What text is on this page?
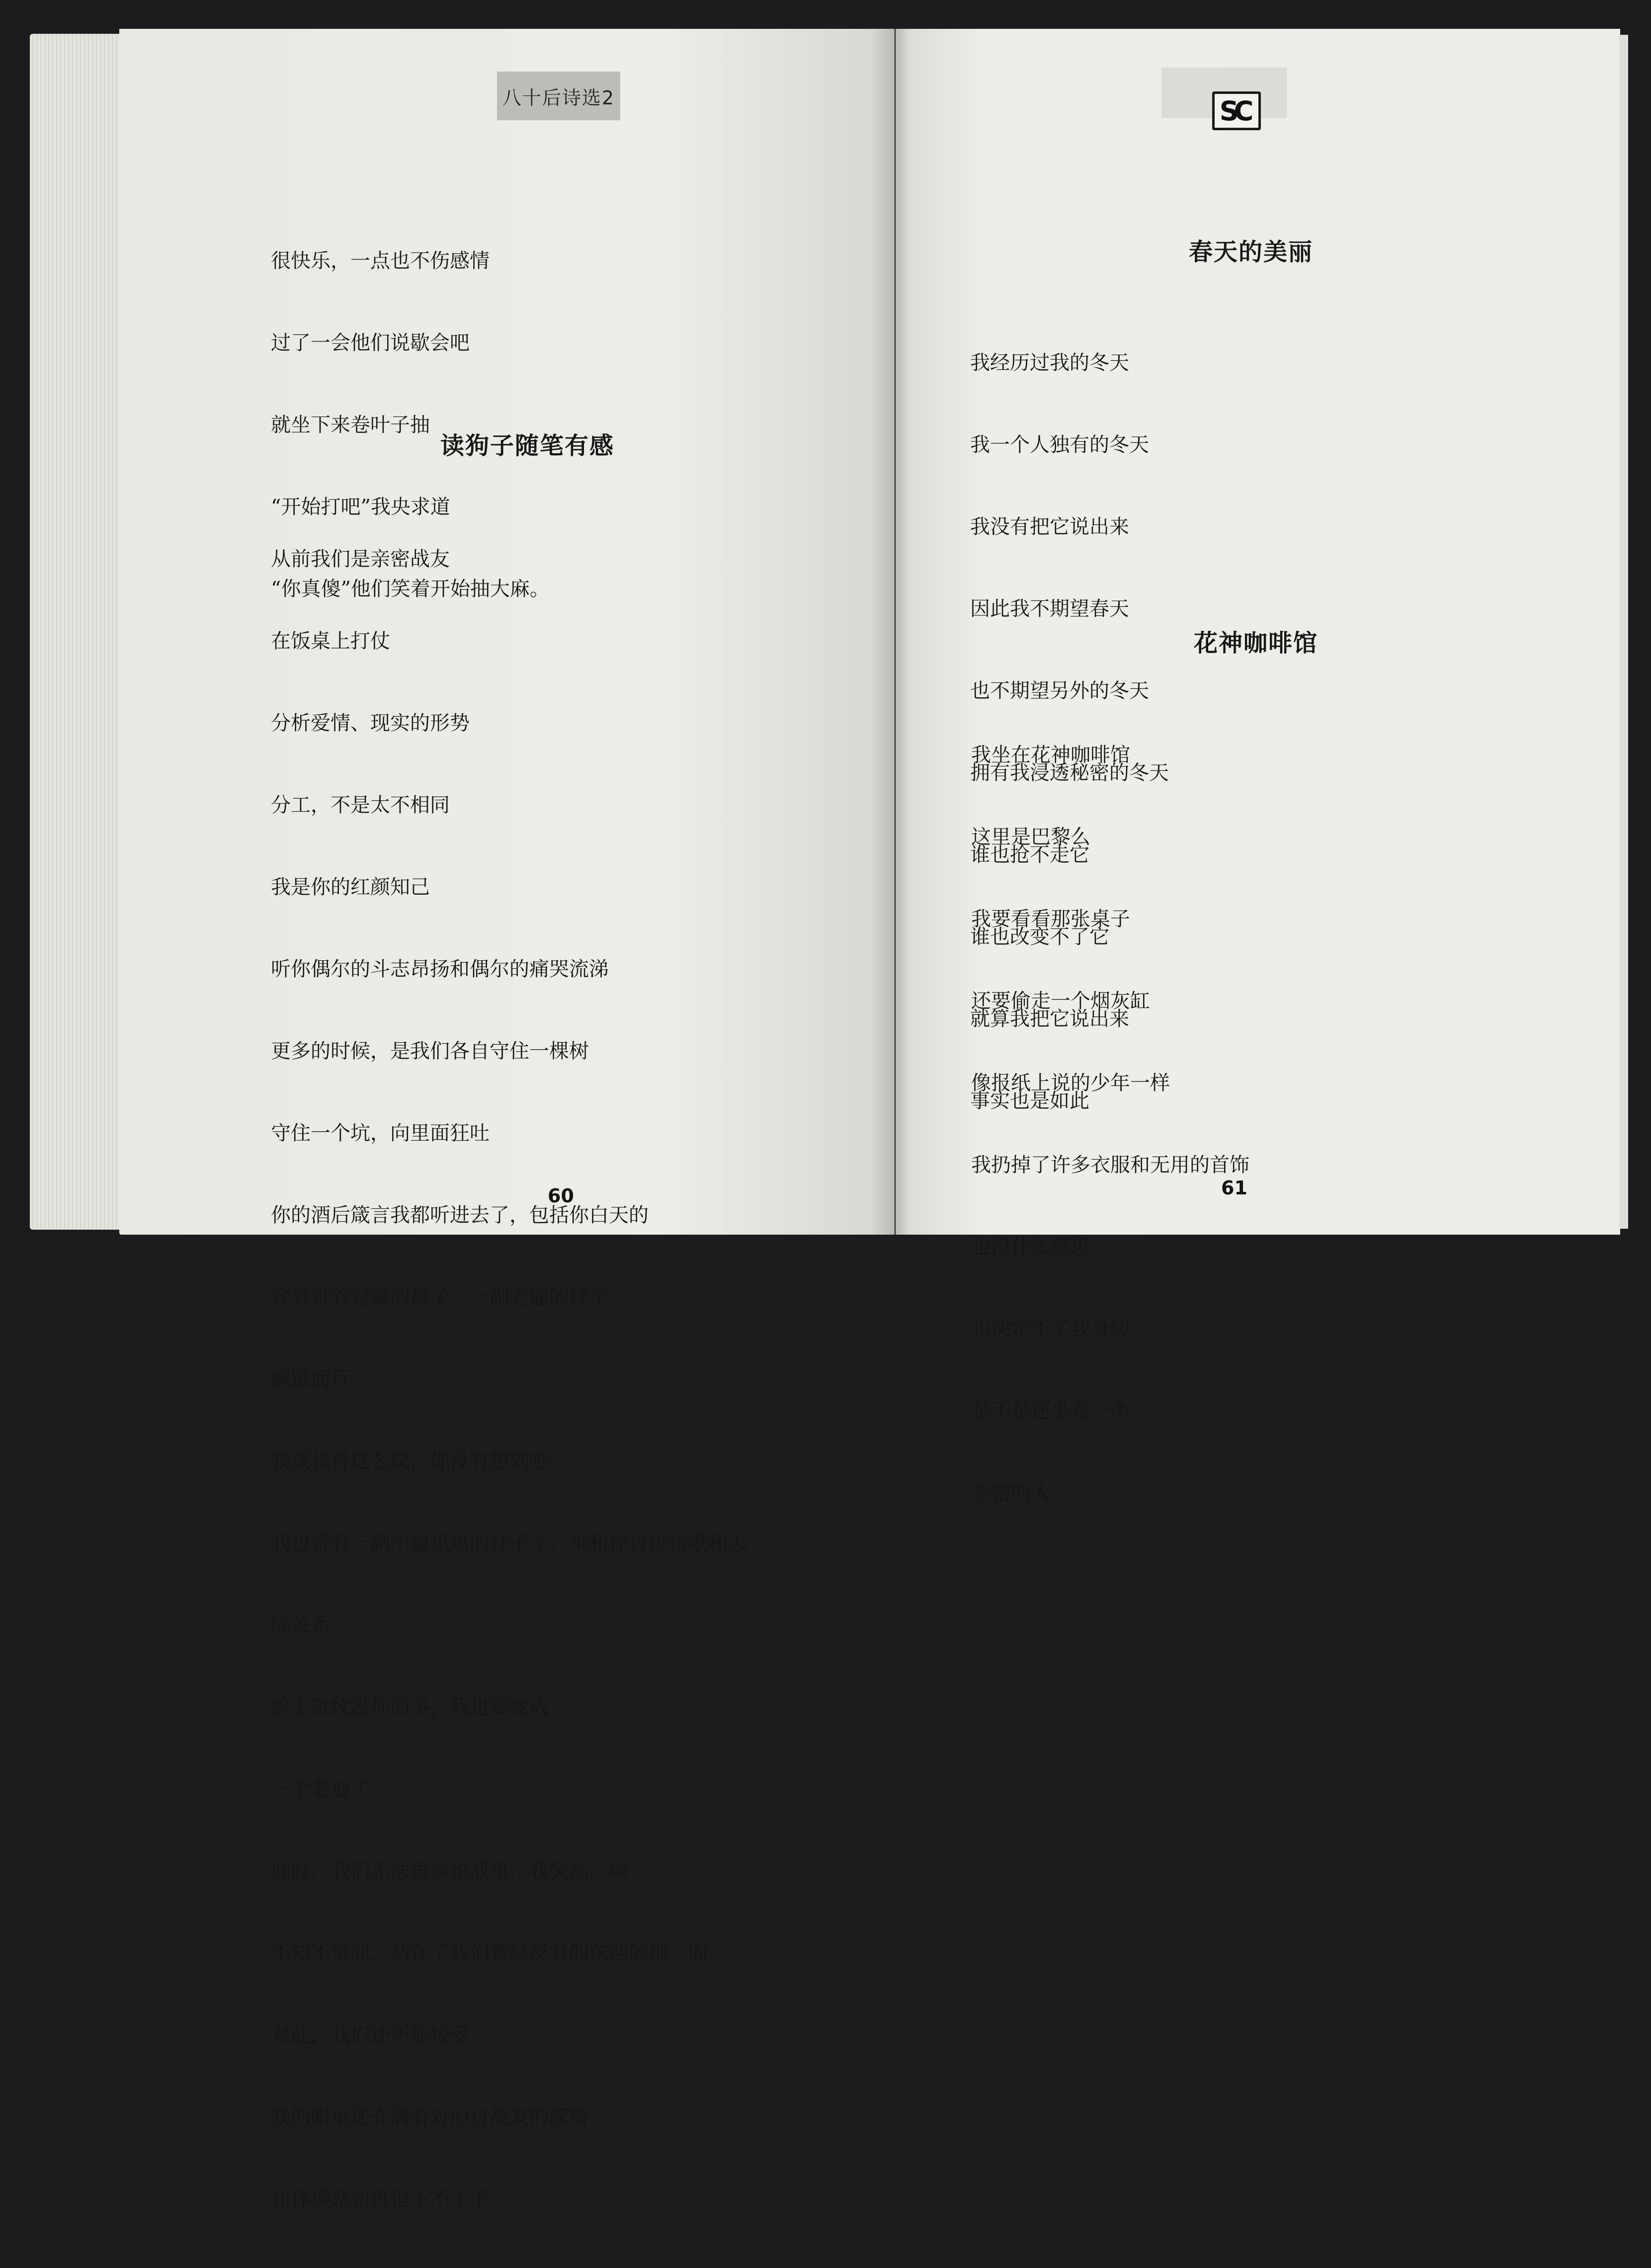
八十后诗选2

很快乐，一点也不伤感情

过了一会他们说歇会吧

就坐下来卷叶子抽

“开始打吧”我央求道

“你真傻”他们笑着开始抽大麻。

读狗子随笔有感

从前我们是亲密战友

在饭桌上打仗

分析爱情、现实的形势

分工，不是太不相同

我是你的红颜知己

听你偶尔的斗志昂扬和偶尔的痛哭流涕

更多的时候，是我们各自守住一棵树

守住一个坑，向里面狂吐

你的酒后箴言我都听进去了，包括你白天的

穿着带着窟窿的裤子，一副老逼的样子

蹒跚而行

我成长得这么快，你没有想到吧

我也带着一副牛逼烘烘的样子了，来和你讨论诗歌和人

际关系

脸上皱纹没你的多，我也要变成

一个老逼了

此时，我们无法再谈论战事，我突然，或

不知不觉间，站在了我们曾经反对的东西的那一面

对此，我们还不能接受

我的眼里还充满着对旧日战友的深情

让你疾恶如仇但下不了手

60
SC
春天的美丽

我经历过我的冬天

我一个人独有的冬天

我没有把它说出来

因此我不期望春天

也不期望另外的冬天

拥有我浸透秘密的冬天

谁也抢不走它

谁也改变不了它

就算我把它说出来

事实也是如此

花神咖啡馆

我坐在花神咖啡馆

这里是巴黎么

我要看看那张桌子

还要偷走一个烟灰缸

像报纸上说的少年一样

我扔掉了许多衣服和无用的首饰

也没什么意思

也决定不了我身边

是不是还坐着一个

亲密的人

61
